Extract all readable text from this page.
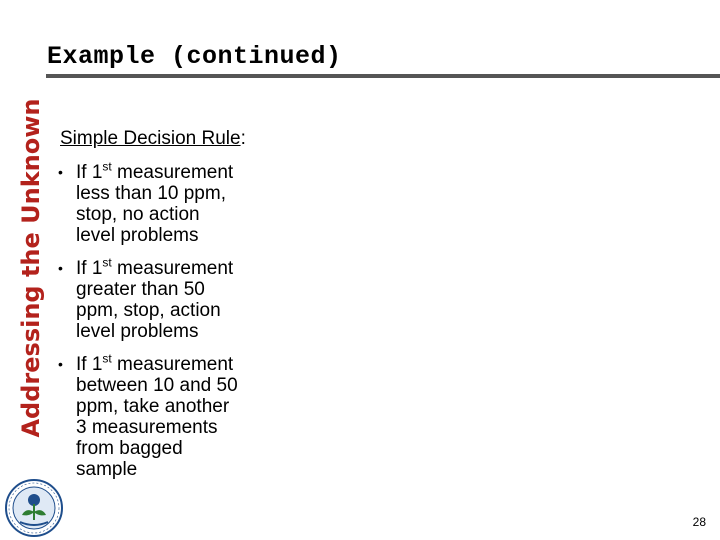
Addressing the Unknown
Example (continued)
Simple Decision Rule:
• If 1st measurement
less than 10 ppm,
stop, no action
level problems
• If 1st measurement
greater than 50
ppm, stop, action
level problems
• If 1st measurement
between 10 and 50
ppm, take another
3 measurements
from bagged
sample
28
